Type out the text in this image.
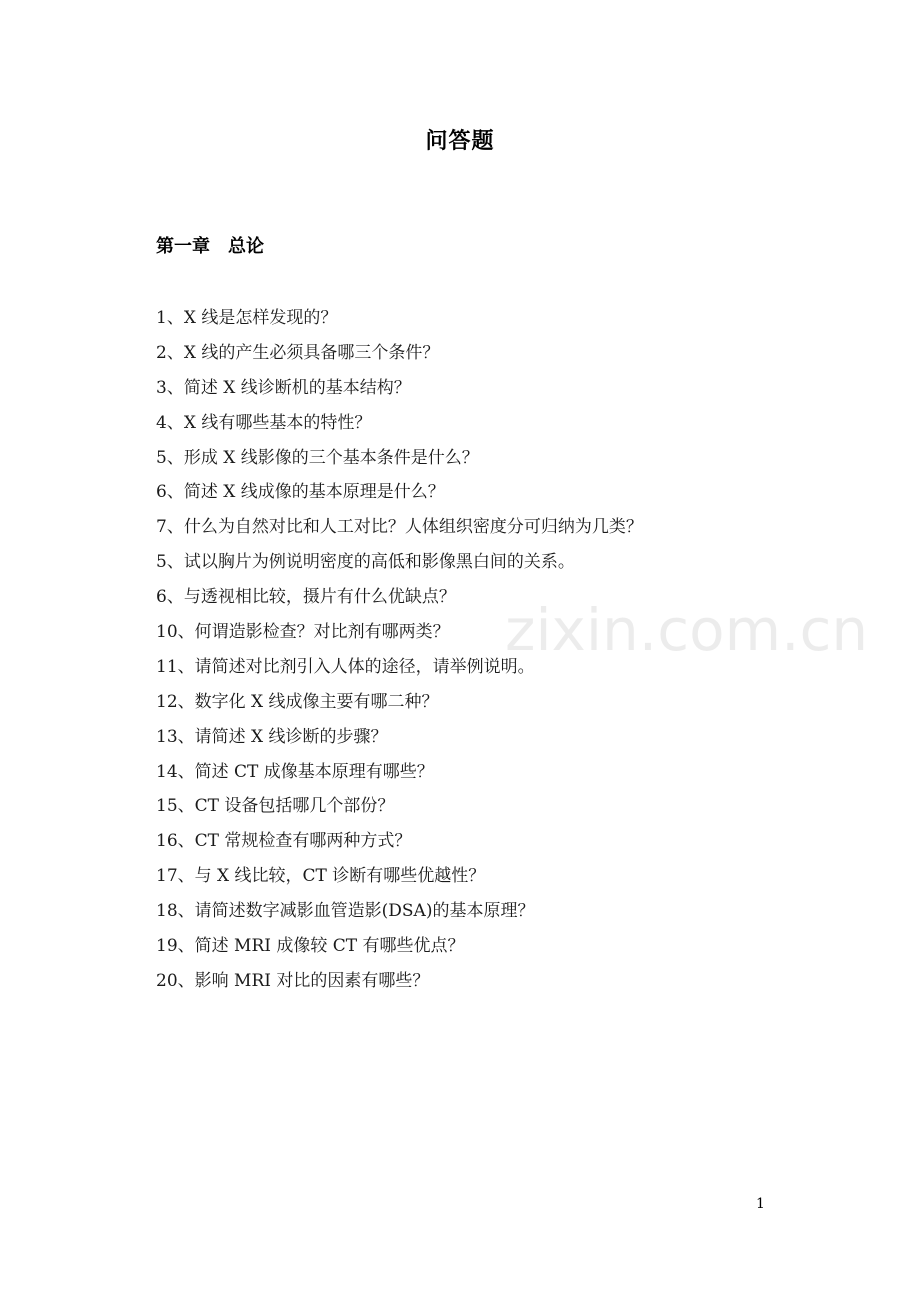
问答题
第一章　总论
1、X 线是怎样发现的？
2、X 线的产生必须具备哪三个条件？
3、简述 X 线诊断机的基本结构？
4、X 线有哪些基本的特性？
5、形成 X 线影像的三个基本条件是什么？
6、简述 X 线成像的基本原理是什么？
7、什么为自然对比和人工对比？人体组织密度分可归纳为几类？
5、试以胸片为例说明密度的高低和影像黑白间的关系。
6、与透视相比较，摄片有什么优缺点？
10、何谓造影检查？对比剂有哪两类？
11、请简述对比剂引入人体的途径，请举例说明。
12、数字化 X 线成像主要有哪二种？
13、请简述 X 线诊断的步骤？
14、简述 CT 成像基本原理有哪些？
15、CT 设备包括哪几个部份？
16、CT 常规检查有哪两种方式？
17、与 X 线比较，CT 诊断有哪些优越性？
18、请简述数字减影血管造影(DSA)的基本原理？
19、简述 MRI 成像较 CT 有哪些优点？
20、影响 MRI 对比的因素有哪些？
zixin.com.cn
1
